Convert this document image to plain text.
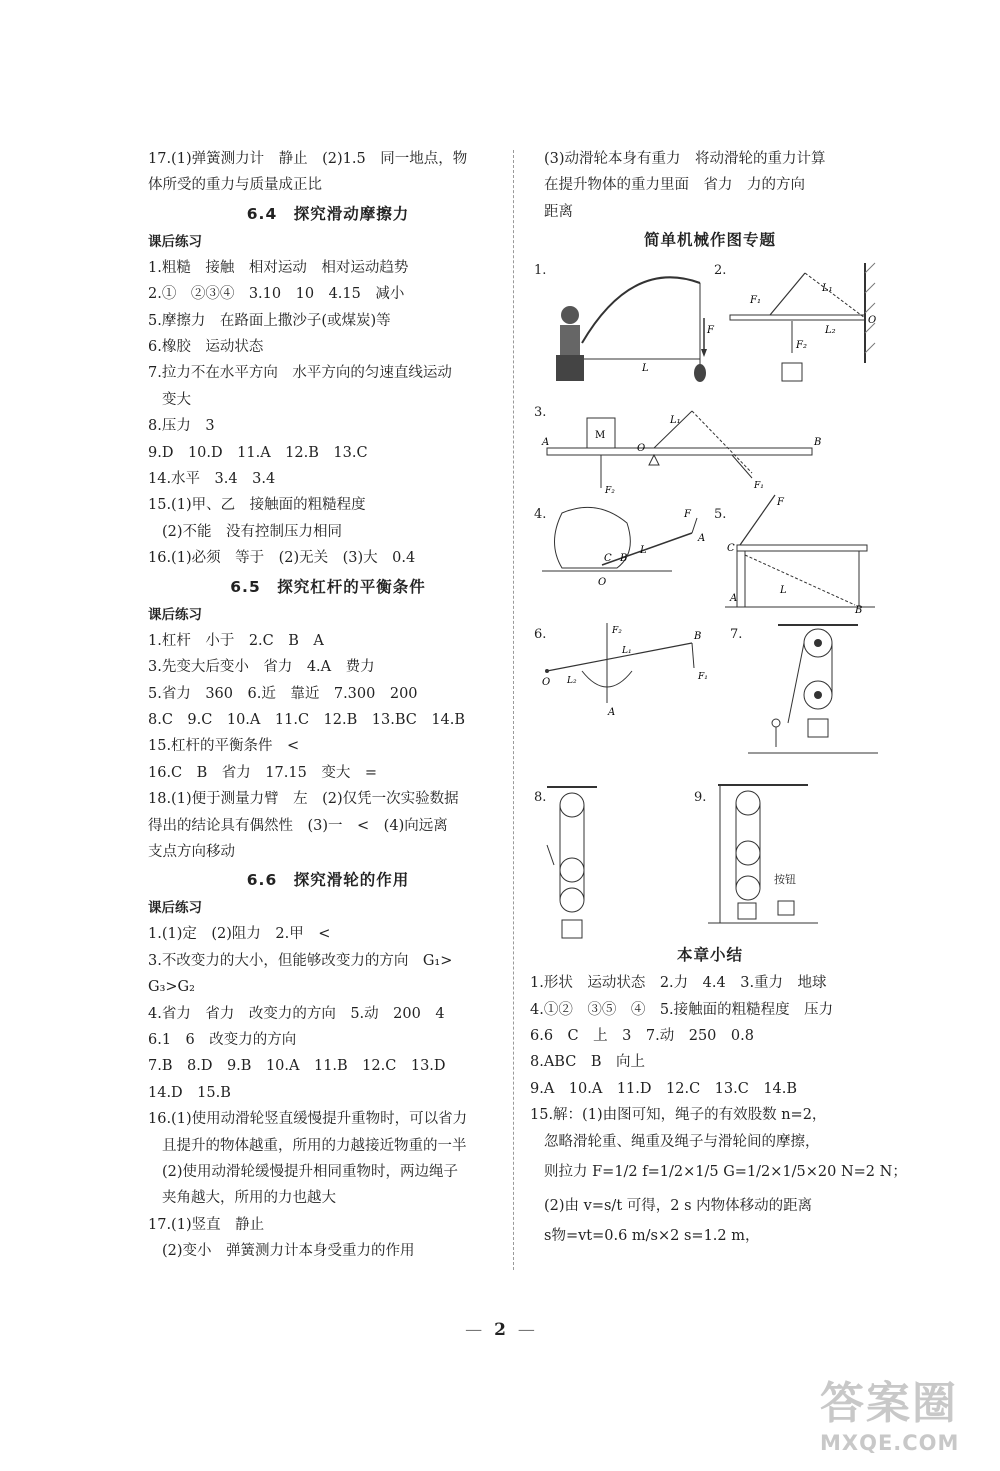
17.(1)弹簧测力计　静止　(2)1.5　同一地点，物
体所受的重力与质量成正比
6.4　探究滑动摩擦力
课后练习
1.粗糙　接触　相对运动　相对运动趋势
2.①　②③④　3.10　10　4.15　减小
5.摩擦力　在路面上撒沙子(或煤炭)等
6.橡胶　运动状态
7.拉力不在水平方向　水平方向的匀速直线运动
变大
8.压力　3
9.D　10.D　11.A　12.B　13.C
14.水平　3.4　3.4
15.(1)甲、乙　接触面的粗糙程度
(2)不能　没有控制压力相同
16.(1)必须　等于　(2)无关　(3)大　0.4
6.5　探究杠杆的平衡条件
课后练习
1.杠杆　小于　2.C　B　A
3.先变大后变小　省力　4.A　费力
5.省力　360　6.近　靠近　7.300　200
8.C　9.C　10.A　11.C　12.B　13.BC　14.B
15.杠杆的平衡条件　<
16.C　B　省力　17.15　变大　=
18.(1)便于测量力臂　左　(2)仅凭一次实验数据
得出的结论具有偶然性　(3)一　<　(4)向远离
支点方向移动
6.6　探究滑轮的作用
课后练习
1.(1)定　(2)阻力　2.甲　<
3.不改变力的大小，但能够改变力的方向　G₁>
G₃>G₂
4.省力　省力　改变力的方向　5.动　200　4
6.1　6　改变力的方向
7.B　8.D　9.B　10.A　11.B　12.C　13.D
14.D　15.B
16.(1)使用动滑轮竖直缓慢提升重物时，可以省力
且提升的物体越重，所用的力越接近物重的一半
(2)使用动滑轮缓慢提升相同重物时，两边绳子
夹角越大，所用的力也越大
17.(1)竖直　静止
(2)变小　弹簧测力计本身受重力的作用
(3)动滑轮本身有重力　将动滑轮的重力计算
在提升物体的重力里面　省力　力的方向
距离
简单机械作图专题
1.
F
L
2.
L₁
F₁
O
L₂
F₂
3.
A	B
M
F₂
O
F₁
L₁
4.	F
A
C B
L
O
5.
F
C
L
A
B
6.
O
F₂
A
L₁
L₂
B
F₁
7.
8.	9.
按钮
本章小结
1.形状　运动状态　2.力　4.4　3.重力　地球
4.①②　③⑤　④　5.接触面的粗糙程度　压力
6.6　C　上　3　7.动　250　0.8
8.ABC　B　向上
9.A　10.A　11.D　12.C　13.C　14.B
15.解：(1)由图可知，绳子的有效股数 n=2，
忽略滑轮重、绳重及绳子与滑轮间的摩擦，
则拉力 F=1/2 f=1/2×1/5 G=1/2×1/5×20 N=2 N；
(2)由 v=s/t 可得，2 s 内物体移动的距离
s物=vt=0.6 m/s×2 s=1.2 m，
— 2 —
答案圈
MXQE.COM
